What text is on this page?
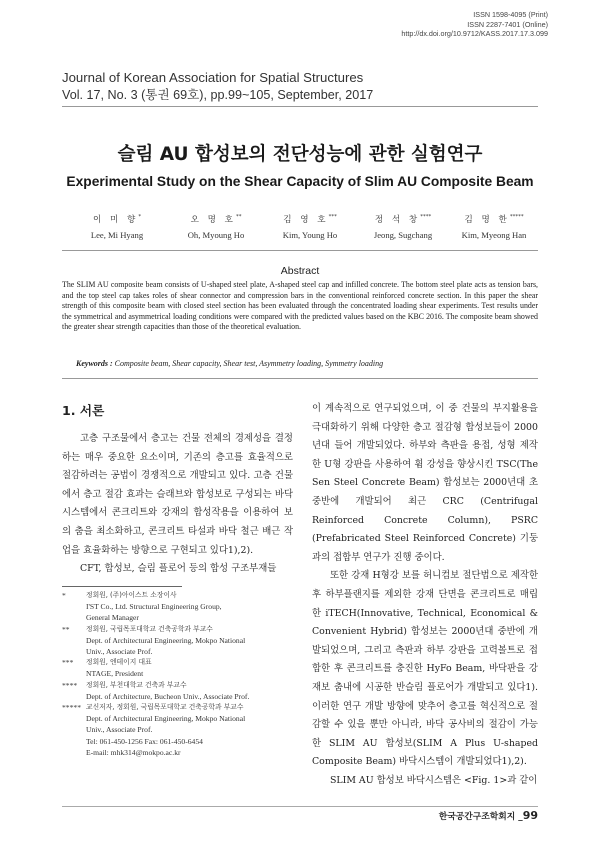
ISSN 1598-4095 (Print)
ISSN 2287-7401 (Online)
http://dx.doi.org/10.9712/KASS.2017.17.3.099
Journal of Korean Association for Spatial Structures
Vol. 17, No. 3 (통권 69호), pp.99~105, September, 2017
슬림 AU 합성보의 전단성능에 관한 실험연구
Experimental Study on the Shear Capacity of Slim AU Composite Beam
이 미 향*
Lee, Mi Hyang
오 명 호**
Oh, Myoung Ho
김 영 호***
Kim, Young Ho
정 석 창****
Jeong, Sugchang
김 명 한*****
Kim, Myeong Han
Abstract
The SLIM AU composite beam consists of U-shaped steel plate, A-shaped steel cap and infilled concrete. The bottom steel plate acts as tension bars, and the top steel cap takes roles of shear connector and compression bars in the conventional reinforced concrete section. In this paper the shear strength of this composite beam with closed steel section has been evaluated through the concentrated loading shear experiments. Test results under the symmetrical and asymmetrical loading conditions were compared with the predicted values based on the KBC 2016. The composite beam showed the greater shear strength capacities than those of the theoretical evaluation.
Keywords : Composite beam, Shear capacity, Shear test, Asymmetry loading, Symmetry loading
1. 서론

고층 구조물에서 층고는 건물 전체의 경제성을 결정하는 매우 중요한 요소이며, 기존의 층고를 효율적으로 절감하려는 공법이 경쟁적으로 개발되고 있다. 고층 건물에서 층고 절감 효과는 슬래브와 합성보로 구성되는 바닥시스템에서 콘크리트와 강재의 합성작용을 이용하여 보의 춤을 최소화하고, 콘크리트 타설과 바닥 철근 배근 작업을 효율화하는 방향으로 구현되고 있다1),2).

CFT, 합성보, 슬림 플로어 등의 합성 구조부재들

*	정회원, (주)아이스트 소장이사
I'ST Co., Ltd. Structural Engineering Group,
General Manager
**	정회원, 국립목포대학교 건축공학과 부교수
Dept. of Architectural Engineering, Mokpo National
Univ., Associate Prof.
***	정회원, 엔테이지 대표
NTAGE, President
****	정회원, 부천대학교 건축과 부교수
Dept. of Architecture, Bucheon Univ., Associate Prof.
***** 교신저자, 정회원, 국립목포대학교 건축공학과 부교수
Dept. of Architectural Engineering, Mokpo National
Univ., Associate Prof.
Tel: 061-450-1256 Fax: 061-450-6454
E-mail: mhk314@mokpo.ac.kr

이 계속적으로 연구되었으며, 이 중 건물의 부지활용을 극대화하기 위해 다양한 층고 절감형 합성보들이 2000년대 들어 개발되었다. 하부와 측판을 용접, 성형 제작한 U형 강판을 사용하여 휨 강성을 향상시킨 TSC(The Sen Steel Concrete Beam) 합성보는 2000년대 초중반에 개발되어 최근 CRC (Centrifugal Reinforced Concrete Column), PSRC (Prefabricated Steel Reinforced Concrete) 기둥과의 접합부 연구가 진행 중이다.

또한 강재 H형강 보를 허니컴보 절단법으로 제작한 후 하부플랜지를 제외한 강재 단면을 콘크리트로 매립한 iTECH(Innovative, Technical, Economical & Convenient Hybrid) 합성보는 2000년대 중반에 개발되었으며, 그리고 측판과 하부 강판을 고력볼트로 접합한 후 콘크리트를 충진한 HyFo Beam, 바닥판을 강재보 춤내에 시공한 반슬림 플로어가 개발되고 있다1). 이러한 연구 개발 방향에 맞추어 층고를 혁신적으로 절감할 수 있을 뿐만 아니라, 바닥 공사비의 절감이 가능한 SLIM AU 합성보(SLIM A Plus U-shaped Composite Beam) 바닥시스템이 개발되었다1),2).

SLIM AU 합성보 바닥시스템은 <Fig. 1>과 같이

한국공간구조학회지 _99
